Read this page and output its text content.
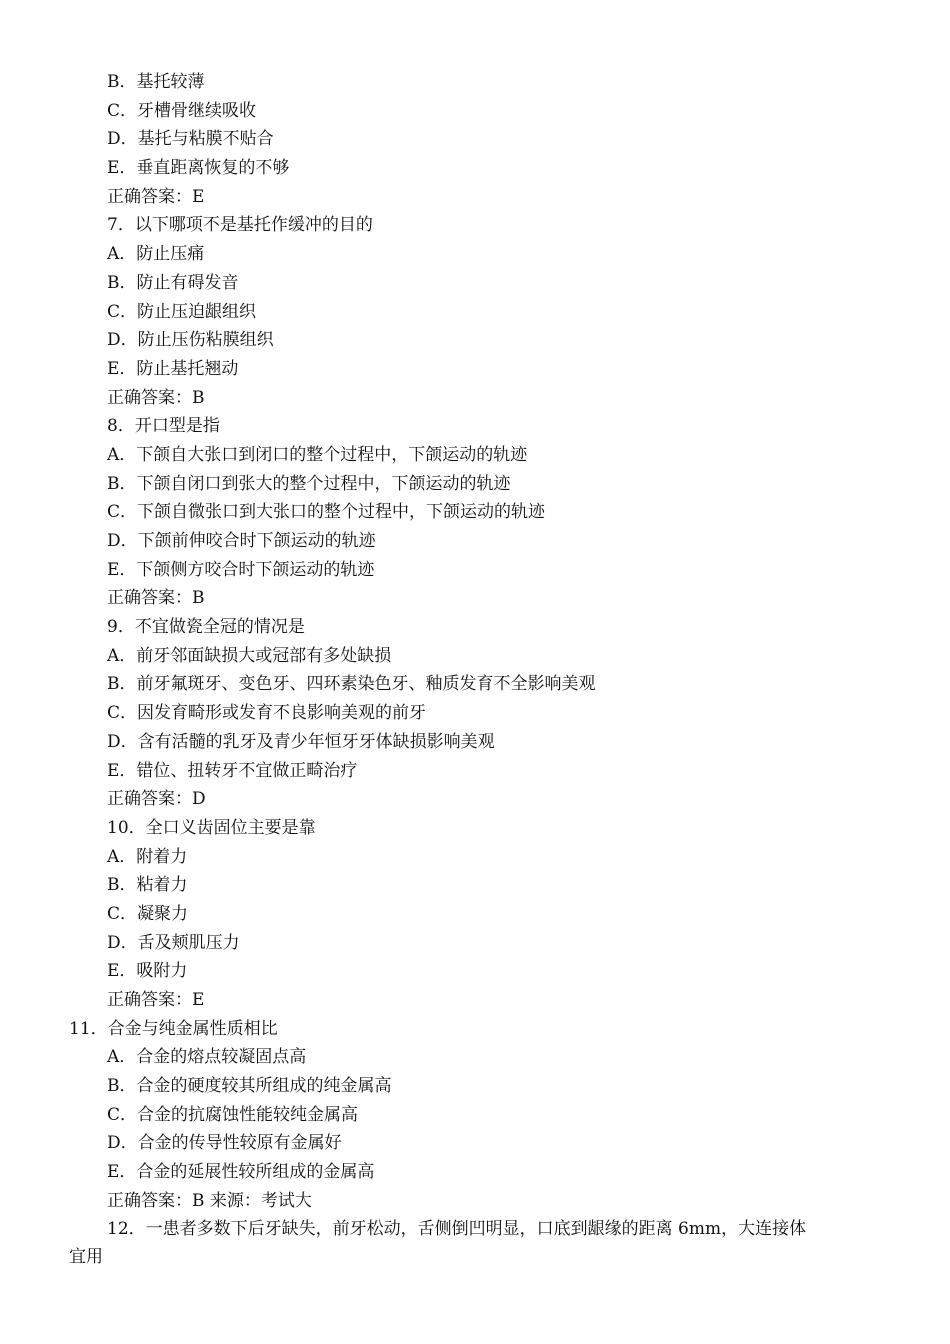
B．基托较薄
C．牙槽骨继续吸收
D．基托与粘膜不贴合
E．垂直距离恢复的不够
正确答案：E
7．以下哪项不是基托作缓冲的目的
A．防止压痛
B．防止有碍发音
C．防止压迫龈组织
D．防止压伤粘膜组织
E．防止基托翘动
正确答案：B
8．开口型是指
A．下颌自大张口到闭口的整个过程中，下颌运动的轨迹
B．下颌自闭口到张大的整个过程中，下颌运动的轨迹
C．下颌自微张口到大张口的整个过程中，下颌运动的轨迹
D．下颌前伸咬合时下颌运动的轨迹
E．下颌侧方咬合时下颌运动的轨迹
正确答案：B
9．不宜做瓷全冠的情况是
A．前牙邻面缺损大或冠部有多处缺损
B．前牙氟斑牙、变色牙、四环素染色牙、釉质发育不全影响美观
C．因发育畸形或发育不良影响美观的前牙
D．含有活髓的乳牙及青少年恒牙牙体缺损影响美观
E．错位、扭转牙不宜做正畸治疗
正确答案：D
10．全口义齿固位主要是靠
A．附着力
B．粘着力
C．凝聚力
D．舌及颊肌压力
E．吸附力
正确答案：E
11．合金与纯金属性质相比
A．合金的熔点较凝固点高
B．合金的硬度较其所组成的纯金属高
C．合金的抗腐蚀性能较纯金属高
D．合金的传导性较原有金属好
E．合金的延展性较所组成的金属高
正确答案：B 来源：考试大
12．一患者多数下后牙缺失，前牙松动，舌侧倒凹明显，口底到龈缘的距离 6mm，大连接体
宜用
